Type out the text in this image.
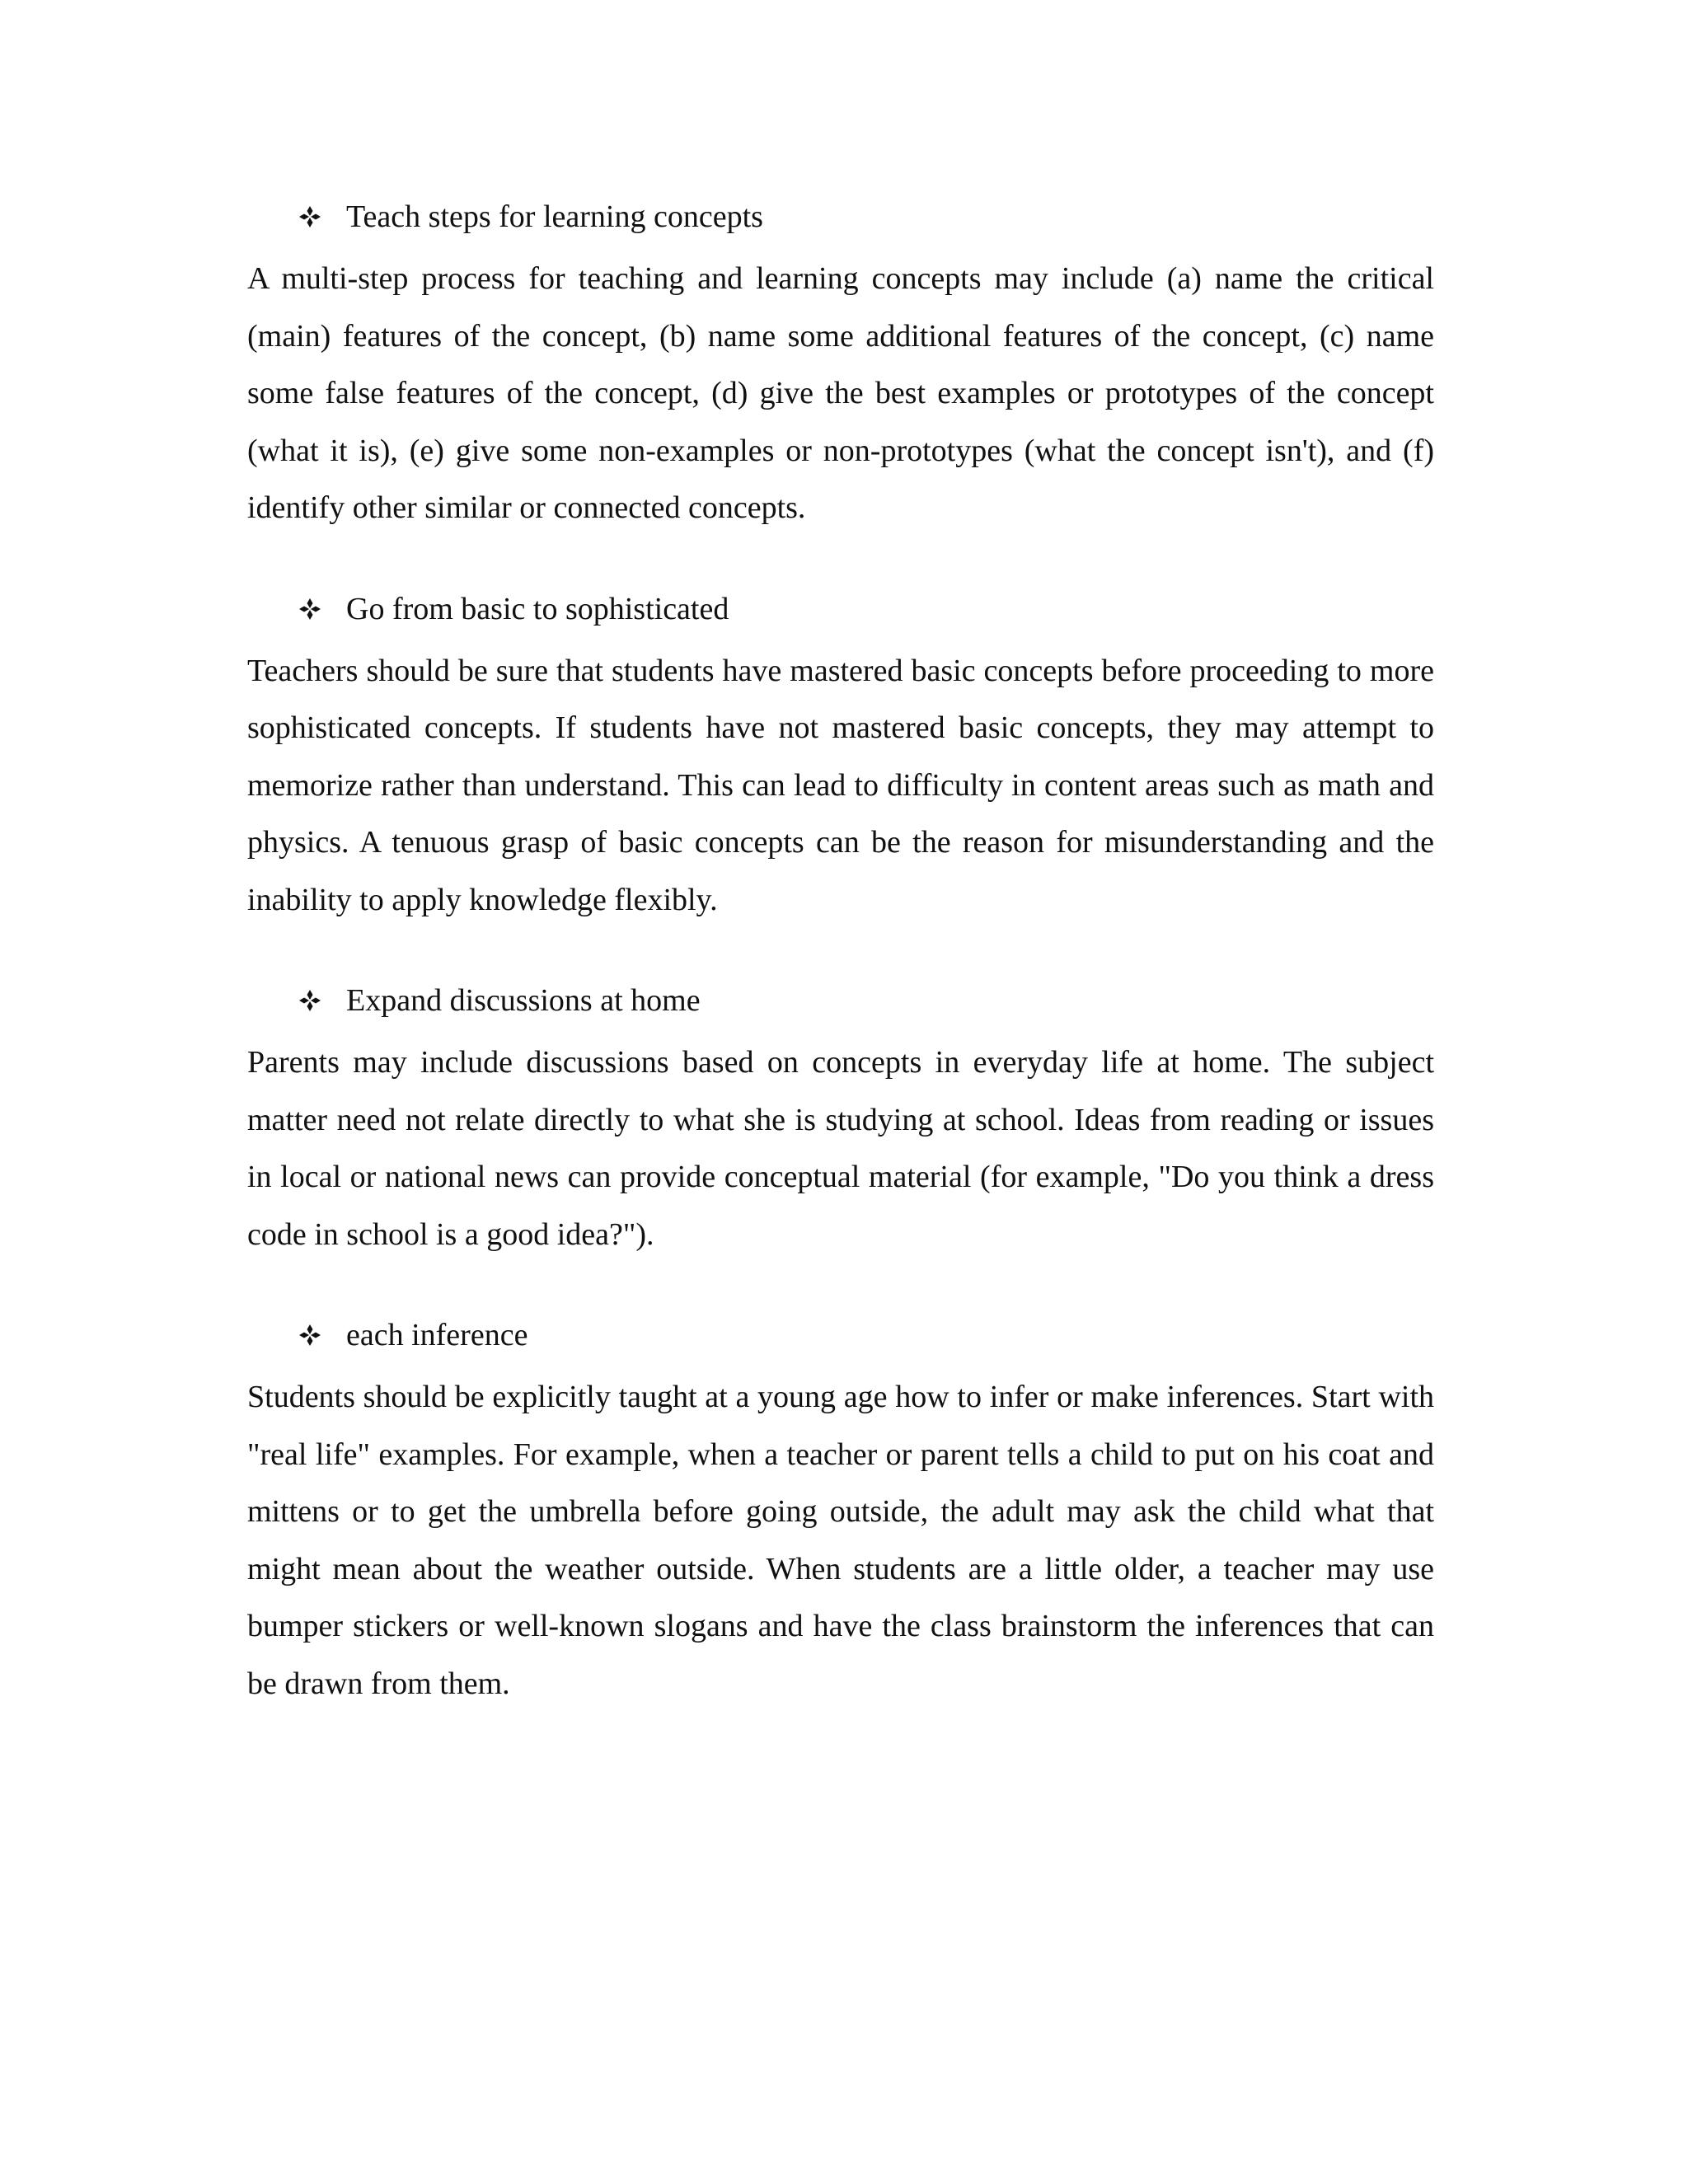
Teach steps for learning concepts

A multi-step process for teaching and learning concepts may include (a) name the critical (main) features of the concept, (b) name some additional features of the concept, (c) name some false features of the concept, (d) give the best examples or prototypes of the concept (what it is), (e) give some non-examples or non-prototypes (what the concept isn't), and (f) identify other similar or connected concepts.

Go from basic to sophisticated

Teachers should be sure that students have mastered basic concepts before proceeding to more sophisticated concepts. If students have not mastered basic concepts, they may attempt to memorize rather than understand. This can lead to difficulty in content areas such as math and physics. A tenuous grasp of basic concepts can be the reason for misunderstanding and the inability to apply knowledge flexibly.

Expand discussions at home

Parents may include discussions based on concepts in everyday life at home. The subject matter need not relate directly to what she is studying at school. Ideas from reading or issues in local or national news can provide conceptual material (for example, "Do you think a dress code in school is a good idea?").

each inference

Students should be explicitly taught at a young age how to infer or make inferences. Start with "real life" examples. For example, when a teacher or parent tells a child to put on his coat and mittens or to get the umbrella before going outside, the adult may ask the child what that might mean about the weather outside. When students are a little older, a teacher may use bumper stickers or well-known slogans and have the class brainstorm the inferences that can be drawn from them.
